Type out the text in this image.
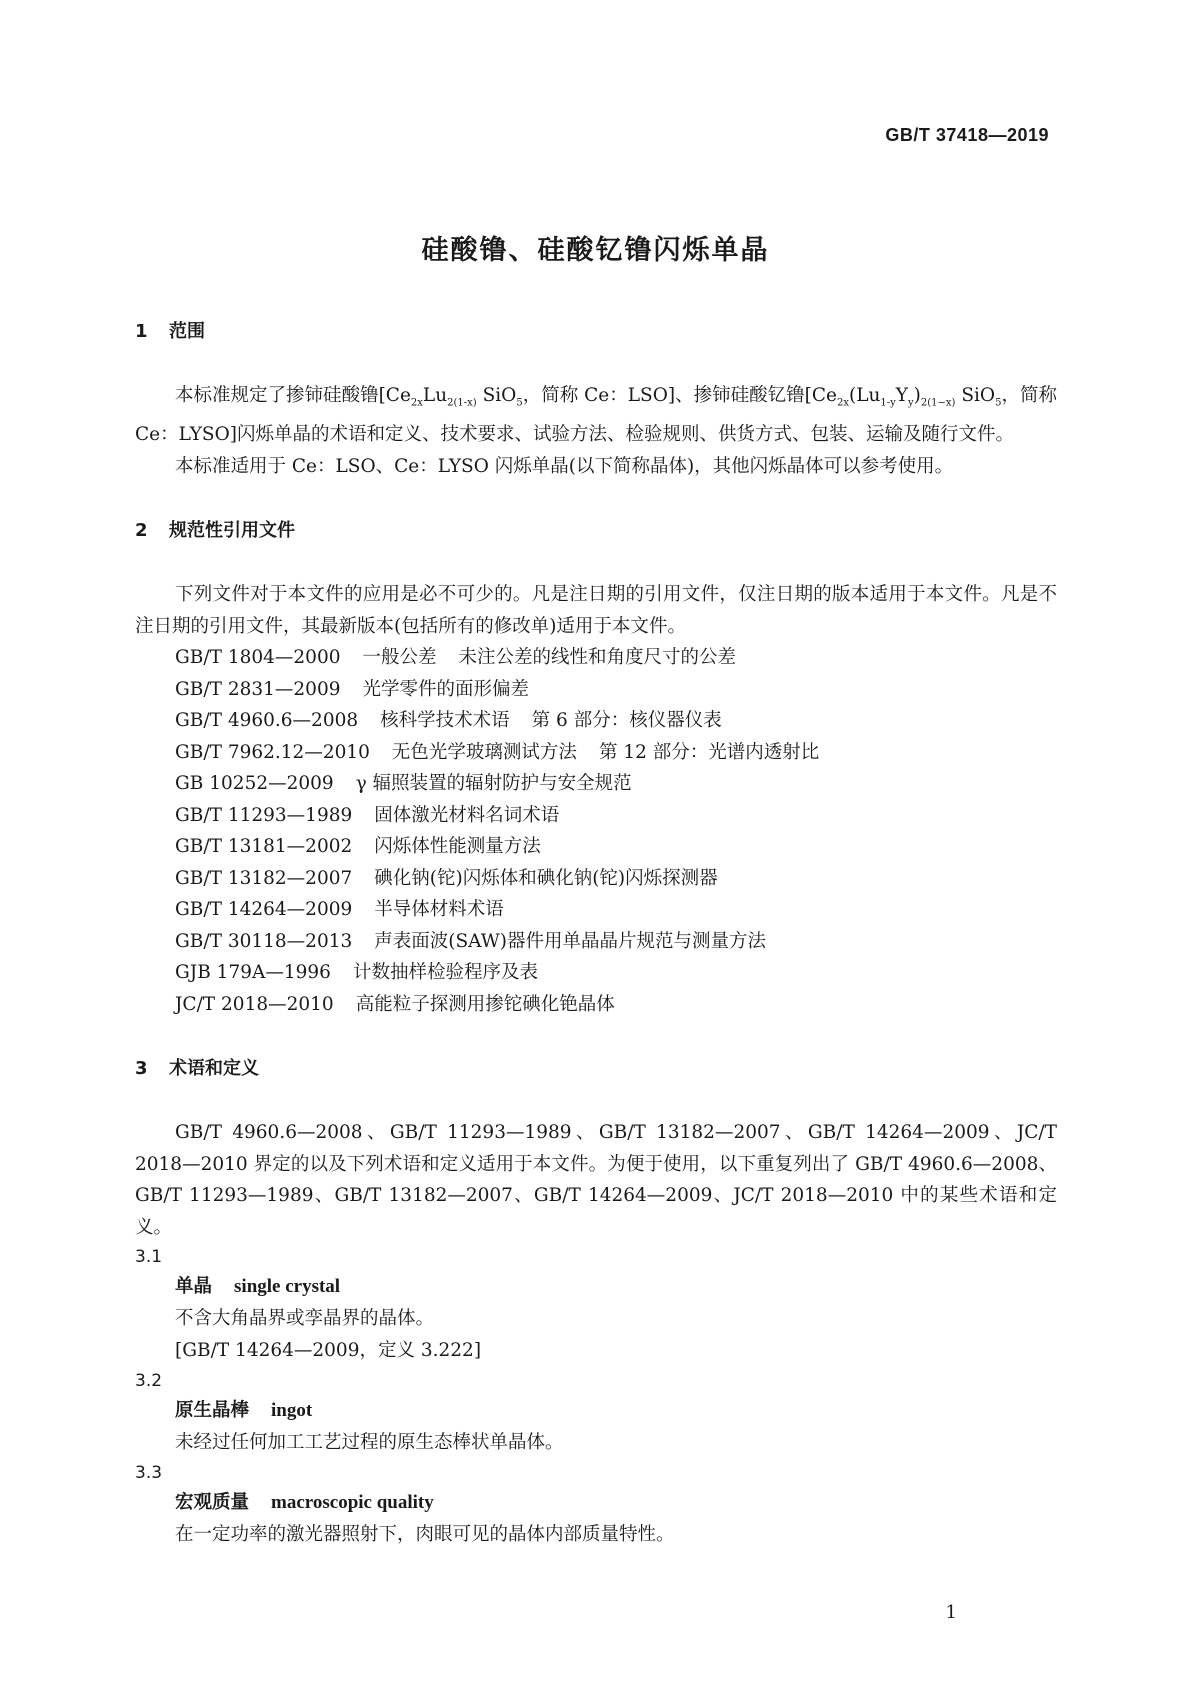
GB/T 37418—2019
硅酸镥、硅酸钇镥闪烁单晶
1 范围

本标准规定了掺铈硅酸镥[$Ce_{2x}Lu_{2(1-x)}$ SiO$_5$，简称 Ce：LSO]、掺铈硅酸钇镥[$Ce_{2x}(Lu_{1-y}Y_y)_{2(1-x)}$ SiO$_5$，简称 Ce：LYSO]闪烁单晶的术语和定义、技术要求、试验方法、检验规则、供货方式、包装、运输及随行文件。

本标准适用于 Ce：LSO、Ce：LYSO 闪烁单晶(以下简称晶体)，其他闪烁晶体可以参考使用。

2 规范性引用文件

下列文件对于本文件的应用是必不可少的。凡是注日期的引用文件，仅注日期的版本适用于本文件。凡是不注日期的引用文件，其最新版本(包括所有的修改单)适用于本文件。

GB/T 1804—2000 一般公差 未注公差的线性和角度尺寸的公差
GB/T 2831—2009 光学零件的面形偏差
GB/T 4960.6—2008 核科学技术术语 第 6 部分：核仪器仪表
GB/T 7962.12—2010 无色光学玻璃测试方法 第 12 部分：光谱内透射比
GB 10252—2009 γ 辐照装置的辐射防护与安全规范
GB/T 11293—1989 固体激光材料名词术语
GB/T 13181—2002 闪烁体性能测量方法
GB/T 13182—2007 碘化钠(铊)闪烁体和碘化钠(铊)闪烁探测器
GB/T 14264—2009 半导体材料术语
GB/T 30118—2013 声表面波(SAW)器件用单晶晶片规范与测量方法
GJB 179A—1996 计数抽样检验程序及表
JC/T 2018—2010 高能粒子探测用掺铊碘化铯晶体
3 术语和定义

GB/T 4960.6—2008、GB/T 11293—1989、GB/T 13182—2007、GB/T 14264—2009、JC/T 2018—2010 界定的以及下列术语和定义适用于本文件。为便于使用，以下重复列出了 GB/T 4960.6—2008、GB/T 11293—1989、GB/T 13182—2007、GB/T 14264—2009、JC/T 2018—2010 中的某些术语和定义。

3.1
单晶 single crystal
不含大角晶界或孪晶界的晶体。
[GB/T 14264—2009，定义 3.222]
3.2
原生晶棒 ingot
未经过任何加工工艺过程的原生态棒状单晶体。
3.3
宏观质量 macroscopic quality
在一定功率的激光器照射下，肉眼可见的晶体内部质量特性。
1
